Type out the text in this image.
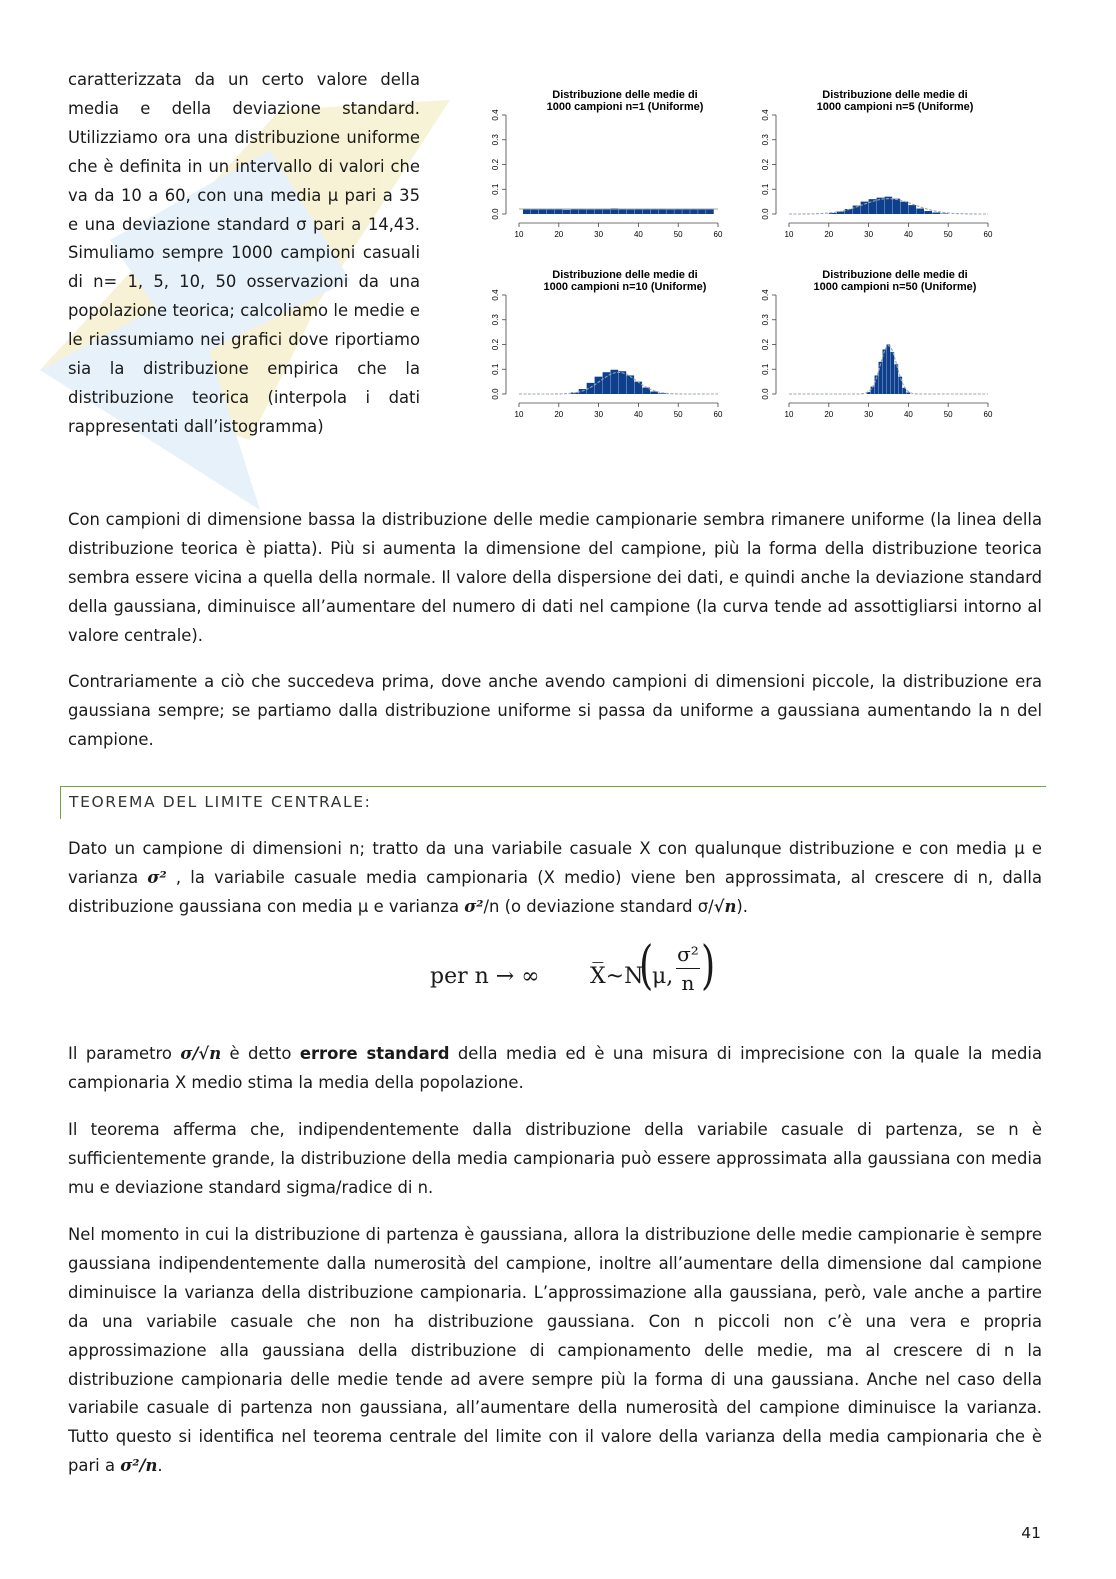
caratterizzata da un certo valore della media e della deviazione standard. Utilizziamo ora una distribuzione uniforme che è definita in un intervallo di valori che va da 10 a 60, con una media μ pari a 35 e una deviazione standard σ pari a 14,43. Simuliamo sempre 1000 campioni casuali di n= 1, 5, 10, 50 osservazioni da una popolazione teorica; calcoliamo le medie e le riassumiamo nei grafici dove riportiamo sia la distribuzione empirica che la distribuzione teorica (interpola i dati rappresentati dall’istogramma)
Distribuzione delle medie di
1000 campioni n=1 (Uniforme)
0.0
0.1
0.2
0.3
0.4
10	20	30	40	50	60
Distribuzione delle medie di
1000 campioni n=5 (Uniforme)
0.0
0.1
0.2
0.3
0.4
10	20	30	40	50	60
Distribuzione delle medie di
1000 campioni n=10 (Uniforme)
0.0
0.1
0.2
0.3
0.4
10	20	30	40	50	60
Distribuzione delle medie di
1000 campioni n=50 (Uniforme)
0.0
0.1
0.2
0.3
0.4
10	20	30	40	50	60

Con campioni di dimensione bassa la distribuzione delle medie campionarie sembra rimanere uniforme (la linea della distribuzione teorica è piatta). Più si aumenta la dimensione del campione, più la forma della distribuzione teorica sembra essere vicina a quella della normale. Il valore della dispersione dei dati, e quindi anche la deviazione standard della gaussiana, diminuisce all’aumentare del numero di dati nel campione (la curva tende ad assottigliarsi intorno al valore centrale).

Contrariamente a ciò che succedeva prima, dove anche avendo campioni di dimensioni piccole, la distribuzione era gaussiana sempre; se partiamo dalla distribuzione uniforme si passa da uniforme a gaussiana aumentando la n del campione.

TEOREMA DEL LIMITE CENTRALE:

Dato un campione di dimensioni n; tratto da una variabile casuale X con qualunque distribuzione e con media μ e varianza σ² , la variabile casuale media campionaria (X medio) viene ben approssimata, al crescere di n, dalla distribuzione gaussiana con media μ e varianza σ²/n (o deviazione standard σ/√n).

per n → ∞ X̅~N
(
μ, $\frac{\text{σ²}}{n}$ )

Il parametro σ/√n è detto errore standard della media ed è una misura di imprecisione con la quale la media campionaria X medio stima la media della popolazione.

Il teorema afferma che, indipendentemente dalla distribuzione della variabile casuale di partenza, se n è sufficientemente grande, la distribuzione della media campionaria può essere approssimata alla gaussiana con media mu e deviazione standard sigma/radice di n.

Nel momento in cui la distribuzione di partenza è gaussiana, allora la distribuzione delle medie campionarie è sempre gaussiana indipendentemente dalla numerosità del campione, inoltre all’aumentare della dimensione dal campione diminuisce la varianza della distribuzione campionaria. L’approssimazione alla gaussiana, però, vale anche a partire da una variabile casuale che non ha distribuzione gaussiana. Con n piccoli non c’è una vera e propria approssimazione alla gaussiana della distribuzione di campionamento delle medie, ma al crescere di n la distribuzione campionaria delle medie tende ad avere sempre più la forma di una gaussiana. Anche nel caso della variabile casuale di partenza non gaussiana, all’aumentare della numerosità del campione diminuisce la varianza. Tutto questo si identifica nel teorema centrale del limite con il valore della varianza della media campionaria che è pari a σ²/n.

41
